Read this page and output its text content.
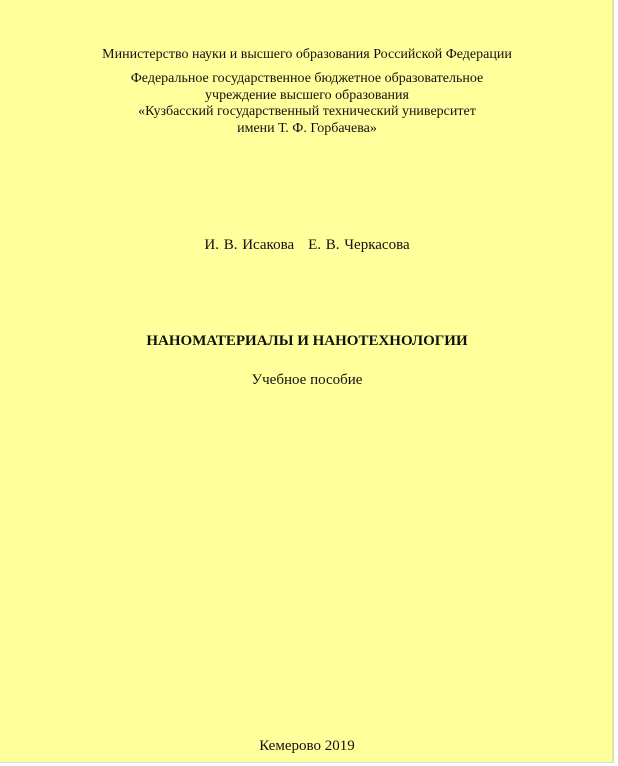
Министерство науки и высшего образования Российской Федерации
Федеральное государственное бюджетное образовательное
учреждение высшего образования
«Кузбасский государственный технический университет
имени Т. Ф. Горбачева»
И. В. Исакова Е. В. Черкасова
НАНОМАТЕРИАЛЫ И НАНОТЕХНОЛОГИИ
Учебное пособие
Кемерово 2019
